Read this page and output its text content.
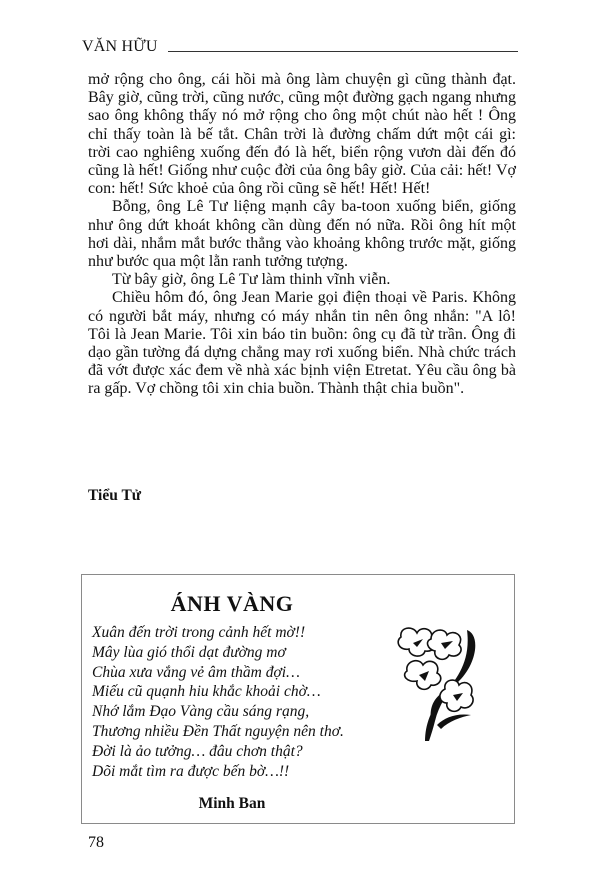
VĂN HỮU

mở rộng cho ông, cái hồi mà ông làm chuyện gì cũng thành đạt. Bây giờ, cũng trời, cũng nước, cũng một đường gạch ngang nhưng sao ông không thấy nó mở rộng cho ông một chút nào hết ! Ông chỉ thấy toàn là bế tắt. Chân trời là đường chấm dứt một cái gì: trời cao nghiêng xuống đến đó là hết, biển rộng vươn dài đến đó cũng là hết! Giống như cuộc đời của ông bây giờ. Của cải: hết! Vợ con: hết! Sức khoẻ của ông rồi cũng sẽ hết! Hết! Hết!

Bỗng, ông Lê Tư liệng mạnh cây ba-toon xuống biển, giống như ông dứt khoát không cần dùng đến nó nữa. Rồi ông hít một hơi dài, nhắm mắt bước thẳng vào khoảng không trước mặt, giống như bước qua một lằn ranh tưởng tượng.

Từ bây giờ, ông Lê Tư làm thinh vĩnh viễn.

Chiều hôm đó, ông Jean Marie gọi điện thoại về Paris. Không có người bắt máy, nhưng có máy nhắn tin nên ông nhắn: "A lô! Tôi là Jean Marie. Tôi xin báo tin buồn: ông cụ đã từ trần. Ông đi dạo gần tường đá dựng chẳng may rơi xuống biển. Nhà chức trách đã vớt được xác đem về nhà xác bịnh viện Etretat. Yêu cầu ông bà ra gấp. Vợ chồng tôi xin chia buồn. Thành thật chia buồn".

Tiểu Tử
ÁNH VÀNG
Xuân đến trời trong cảnh hết mờ!!
Mây lùa gió thổi dạt đường mơ
Chùa xưa vắng vẻ âm thầm đợi…
Miếu cũ quạnh hiu khắc khoải chờ…
Nhớ lắm Đạo Vàng cầu sáng rạng,
Thương nhiều Đền Thất nguyện nên thơ.
Đời là ảo tưởng… đâu chơn thật?
Dõi mắt tìm ra được bến bờ…!!
Minh Ban
78
